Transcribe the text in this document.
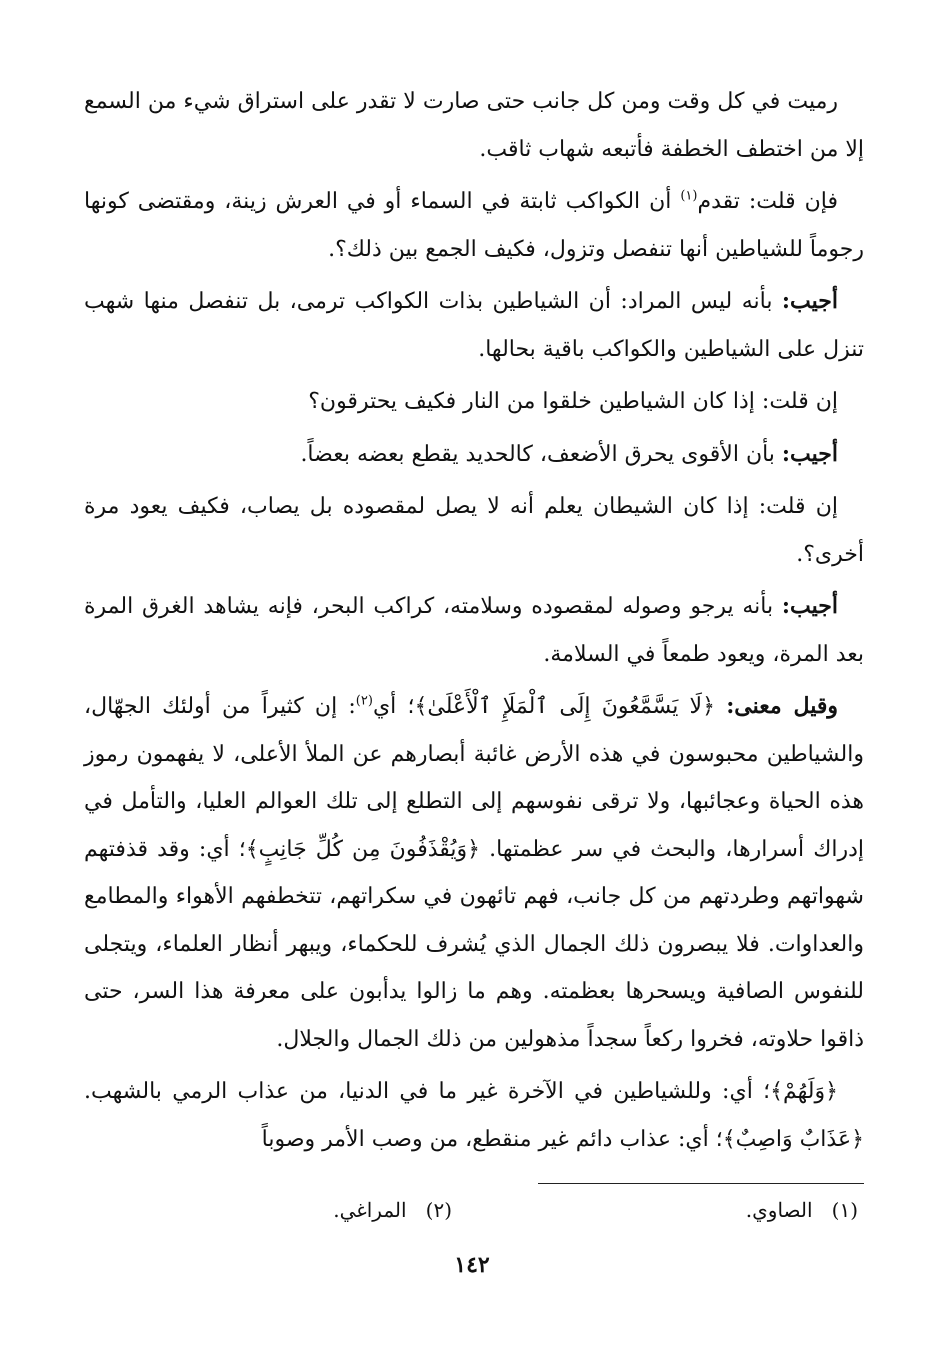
رميت في كل وقت ومن كل جانب حتى صارت لا تقدر على استراق شيء من السمع إلا من اختطف الخطفة فأتبعه شهاب ثاقب.

فإن قلت: تقدم$^{(١)}$ أن الكواكب ثابتة في السماء أو في العرش زينة، ومقتضى كونها رجوماً للشياطين أنها تنفصل وتزول، فكيف الجمع بين ذلك؟.

أجيب: بأنه ليس المراد: أن الشياطين بذات الكواكب ترمى، بل تنفصل منها شهب تنزل على الشياطين والكواكب باقية بحالها.

إن قلت: إذا كان الشياطين خلقوا من النار فكيف يحترقون؟

أجيب: بأن الأقوى يحرق الأضعف، كالحديد يقطع بعضه بعضاً.

إن قلت: إذا كان الشيطان يعلم أنه لا يصل لمقصوده بل يصاب، فكيف يعود مرة أخرى؟.

أجيب: بأنه يرجو وصوله لمقصوده وسلامته، كراكب البحر، فإنه يشاهد الغرق المرة بعد المرة، ويعود طمعاً في السلامة.

وقيل معنى: ﴿لَا يَسَّمَّعُونَ إِلَى ٱلْمَلَإِ ٱلْأَعْلَىٰ﴾؛ أي$^{(٢)}$: إن كثيراً من أولئك الجهّال، والشياطين محبوسون في هذه الأرض غائبة أبصارهم عن الملأ الأعلى، لا يفهمون رموز هذه الحياة وعجائبها، ولا ترقى نفوسهم إلى التطلع إلى تلك العوالم العليا، والتأمل في إدراك أسرارها، والبحث في سر عظمتها. ﴿وَيُقْذَفُونَ مِن كُلِّ جَانِبٍ﴾؛ أي: وقد قذفتهم شهواتهم وطردتهم من كل جانب، فهم تائهون في سكراتهم، تتخطفهم الأهواء والمطامع والعداوات. فلا يبصرون ذلك الجمال الذي يُشرف للحكماء، ويبهر أنظار العلماء، ويتجلى للنفوس الصافية ويسحرها بعظمته. وهم ما زالوا يدأبون على معرفة هذا السر، حتى ذاقوا حلاوته، فخروا ركعاً سجداً مذهولين من ذلك الجمال والجلال.

﴿وَلَهُمْ﴾؛ أي: وللشياطين في الآخرة غير ما في الدنيا، من عذاب الرمي بالشهب. ﴿عَذَابٌ وَاصِبٌ﴾؛ أي: عذاب دائم غير منقطع، من وصب الأمر وصوباً

(١)   الصاوي.
(٢)   المراغي.
١٤٢
